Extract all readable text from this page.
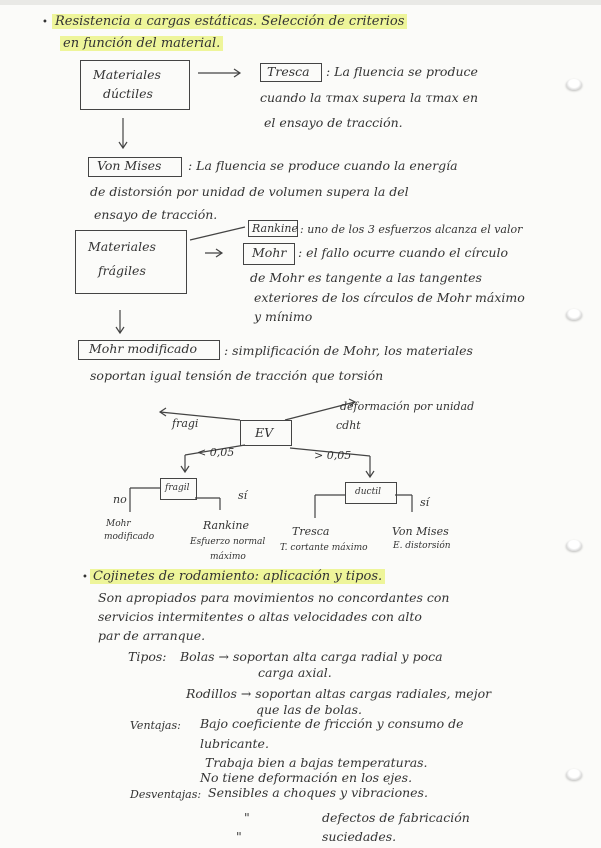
Resistencia a cargas estáticas. Selección de criterios
en función del material.
Materiales
dúctiles
Tresca : La fluencia se produce
cuando la τmax supera la τmax en
el ensayo de tracción.
Von Mises : La fluencia se produce cuando la energía
de distorsión por unidad de volumen supera la del
ensayo de tracción.
Materiales
frágiles
Rankine : uno de los 3 esfuerzos alcanza el valor
Mohr : el fallo ocurre cuando el círculo
de Mohr es tangente a las tangentes
exteriores de los círculos de Mohr máximo
y mínimo
Mohr modificado : simplificación de Mohr, los materiales
soportan igual tensión de tracción que torsión
deformación por unidad
fragi	cdht
EV
< 0,05	> 0,05
fragil	ductil
no	sí
sí
Mohr
modificado
Rankine
Esfuerzo normal
máximo
Tresca
T. cortante máximo
Von Mises
E. distorsión
Cojinetes de rodamiento: aplicación y tipos.
Son apropiados para movimientos no concordantes con
servicios intermitentes o altas velocidades con alto
par de arranque.
Tipos: Bolas → soportan alta carga radial y poca
carga axial.
Rodillos → soportan altas cargas radiales, mejor
que las de bolas.
Ventajas: Bajo coeficiente de fricción y consumo de
lubricante.
Trabaja bien a bajas temperaturas.
No tiene deformación en los ejes.
Desventajas: Sensibles a choques y vibraciones.
"	defectos de fabricación
"	suciedades.
•
•
